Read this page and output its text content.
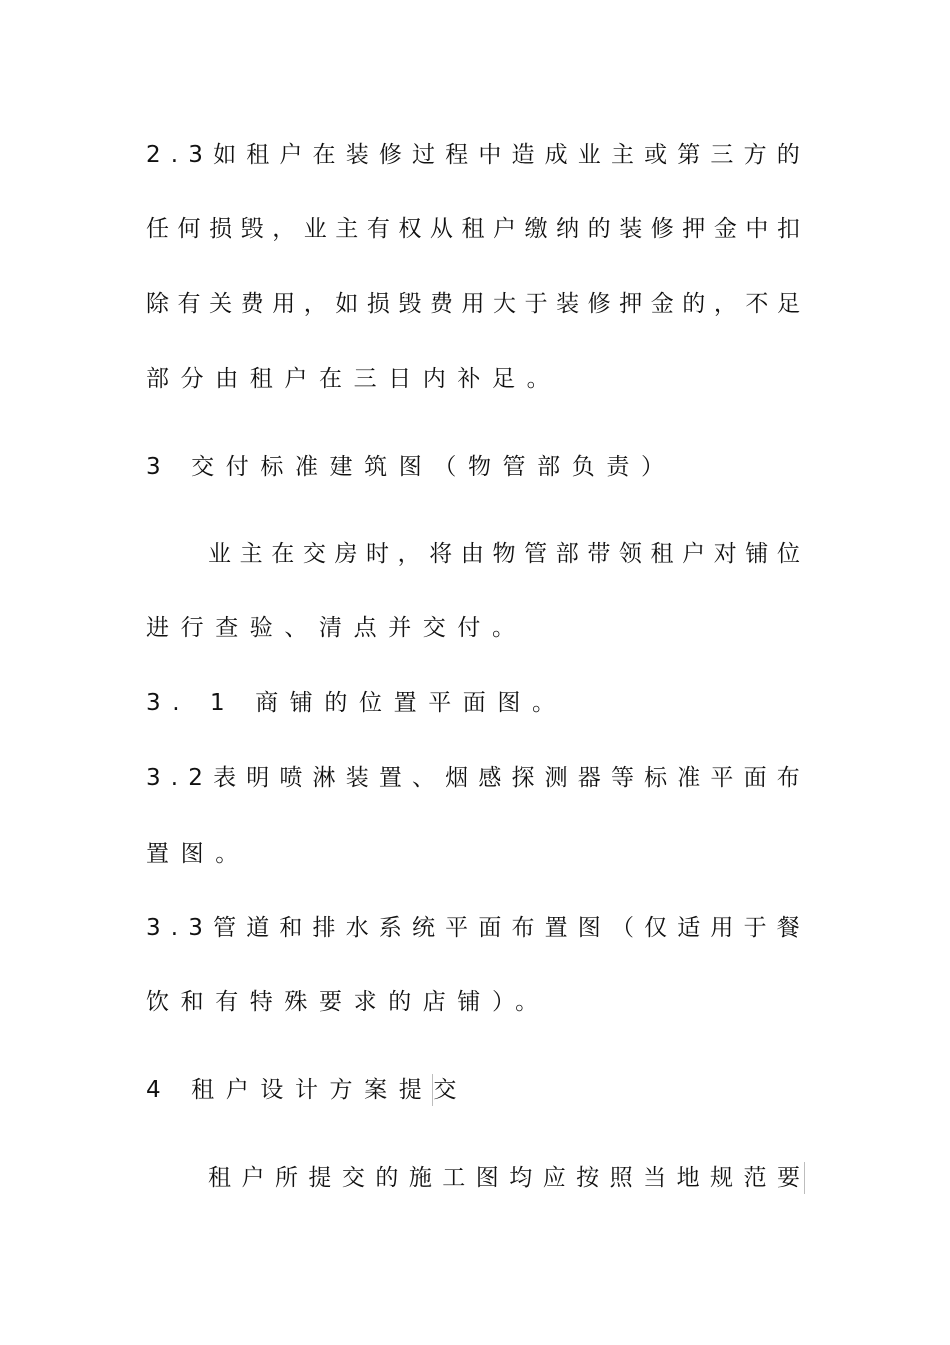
2 . 3 如 租 户 在 装 修 过 程 中 造 成 业 主 或 第 三 方 的
任 何 损 毁 ， 业 主 有 权 从 租 户 缴 纳 的 装 修 押 金 中 扣
除 有 关 费 用 ， 如 损 毁 费 用 大 于 装 修 押 金 的 ， 不 足
部分由租户在三日内补足。
3 交付标准建筑图（物管部负责）
业 主 在 交 房 时 ， 将 由 物 管 部 带 领 租 户 对 铺 位
进行查验、清点并交付。
3. 1 商铺的位置平面图。
3 . 2 表 明 喷 淋 装 置 、 烟 感 探 测 器 等 标 准 平 面 布
置图。
3 . 3 管 道 和 排 水 系 统 平 面 布 置 图 （ 仅 适 用 于 餐
饮和有特殊要求的店铺）。
4 租户设计方案提交
租 户 所 提 交 的 施 工 图 均 应 按 照 当 地 规 范 要
